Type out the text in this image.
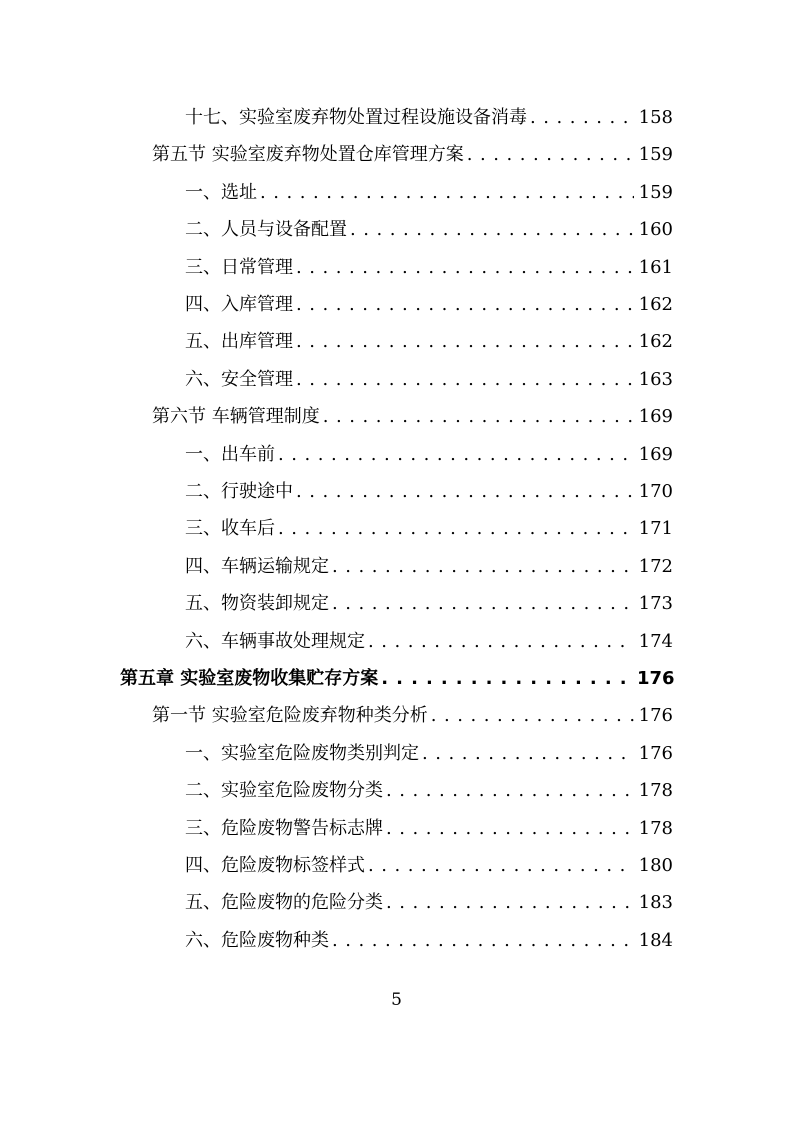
十七、实验室废弃物处置过程设施设备消毒 . . .	158
第五节 实验室废弃物处置仓库管理方案 . . .	159
一、选址 . . .	159
二、人员与设备配置 . . .	160
三、日常管理 . . .	161
四、入库管理 . . .	162
五、出库管理 . . .	162
六、安全管理 . . .	163
第六节 车辆管理制度 . . .	169
一、出车前 . . .	169
二、行驶途中 . . .	170
三、收车后 . . .	171
四、车辆运输规定 . . .	172
五、物资装卸规定 . . .	173
六、车辆事故处理规定 . . .	174
第五章 实验室废物收集贮存方案 . . .	176
第一节 实验室危险废弃物种类分析 . . .	176
一、实验室危险废物类别判定 . . .	176
二、实验室危险废物分类 . . .	178
三、危险废物警告标志牌 . . .	178
四、危险废物标签样式 . . .	180
五、危险废物的危险分类 . . .	183
六、危险废物种类 . . .	184
5
